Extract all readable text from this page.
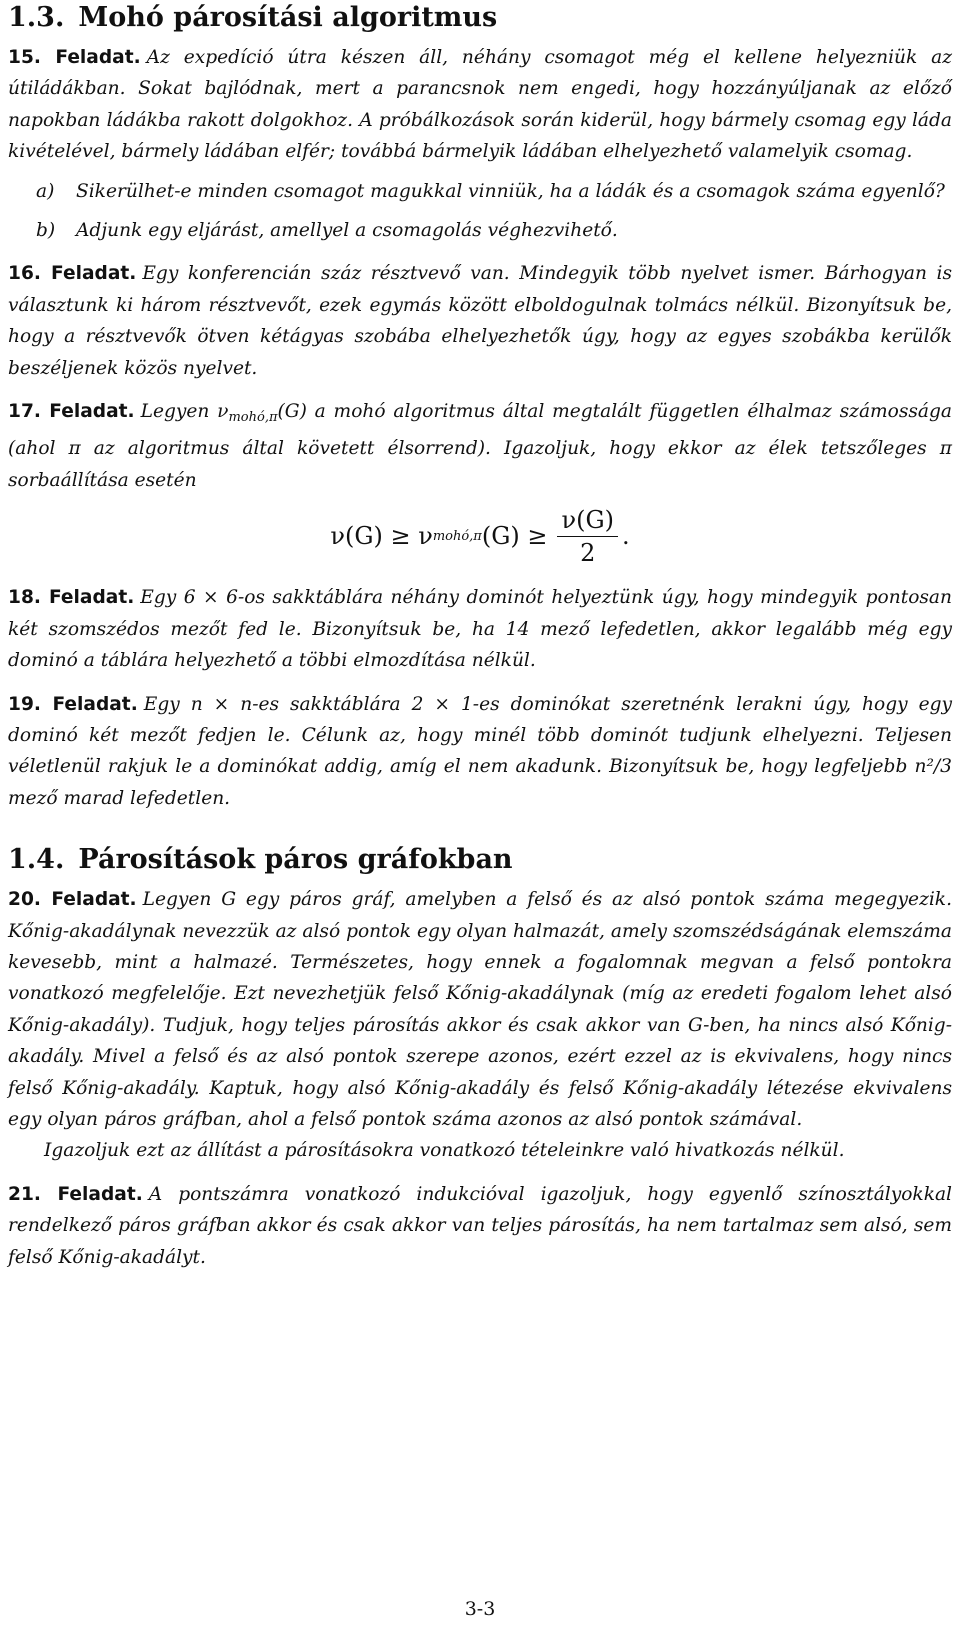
1.3. Mohó párosítási algoritmus

15. Feladat. Az expedíció útra készen áll, néhány csomagot még el kellene helyezniük az útiládákban. Sokat bajlódnak, mert a parancsnok nem engedi, hogy hozzányúljanak az előző napokban ládákba rakott dolgokhoz. A próbálkozások során kiderül, hogy bármely csomag egy láda kivételével, bármely ládában elfér; továbbá bármelyik ládában elhelyezhető valamelyik csomag.

a)	Sikerülhet-e minden csomagot magukkal vinniük, ha a ládák és a csomagok száma egyenlő?
b)	Adjunk egy eljárást, amellyel a csomagolás véghezvihető.

16. Feladat. Egy konferencián száz résztvevő van. Mindegyik több nyelvet ismer. Bárhogyan is választunk ki három résztvevőt, ezek egymás között elboldogulnak tolmács nélkül. Bizonyítsuk be, hogy a résztvevők ötven kétágyas szobába elhelyezhetők úgy, hogy az egyes szobákba kerülők beszéljenek közös nyelvet.

17. Feladat. Legyen $\nu_{mohó,\pi}(G)$ a mohó algoritmus által megtalált független élhalmaz számossága (ahol π az algoritmus által követett élsorrend). Igazoljuk, hogy ekkor az élek tetszőleges π sorbaállítása esetén

ν(G) ≥ ν mohó,π $(G) \ge \frac{\nu(G)}{2}$ .

18. Feladat. Egy 6 × 6-os sakktáblára néhány dominót helyeztünk úgy, hogy mindegyik pontosan két szomszédos mezőt fed le. Bizonyítsuk be, ha 14 mező lefedetlen, akkor legalább még egy dominó a táblára helyezhető a többi elmozdítása nélkül.

19. Feladat. Egy n × n-es sakktáblára 2 × 1-es dominókat szeretnénk lerakni úgy, hogy egy dominó két mezőt fedjen le. Célunk az, hogy minél több dominót tudjunk elhelyezni. Teljesen véletlenül rakjuk le a dominókat addig, amíg el nem akadunk. Bizonyítsuk be, hogy legfeljebb n²/3 mező marad lefedetlen.

1.4. Párosítások páros gráfokban

20. Feladat. Legyen G egy páros gráf, amelyben a felső és az alsó pontok száma megegyezik. Kőnig-akadálynak nevezzük az alsó pontok egy olyan halmazát, amely szomszédságának elemszáma kevesebb, mint a halmazé. Természetes, hogy ennek a fogalomnak megvan a felső pontokra vonatkozó megfelelője. Ezt nevezhetjük felső Kőnig-akadálynak (míg az eredeti fogalom lehet alsó Kőnig-akadály). Tudjuk, hogy teljes párosítás akkor és csak akkor van G-ben, ha nincs alsó Kőnig-akadály. Mivel a felső és az alsó pontok szerepe azonos, ezért ezzel az is ekvivalens, hogy nincs felső Kőnig-akadály. Kaptuk, hogy alsó Kőnig-akadály és felső Kőnig-akadály létezése ekvivalens egy olyan páros gráfban, ahol a felső pontok száma azonos az alsó pontok számával.

Igazoljuk ezt az állítást a párosításokra vonatkozó tételeinkre való hivatkozás nélkül.

21. Feladat. A pontszámra vonatkozó indukcióval igazoljuk, hogy egyenlő színosztályokkal rendelkező páros gráfban akkor és csak akkor van teljes párosítás, ha nem tartalmaz sem alsó, sem felső Kőnig-akadályt.

3-3
